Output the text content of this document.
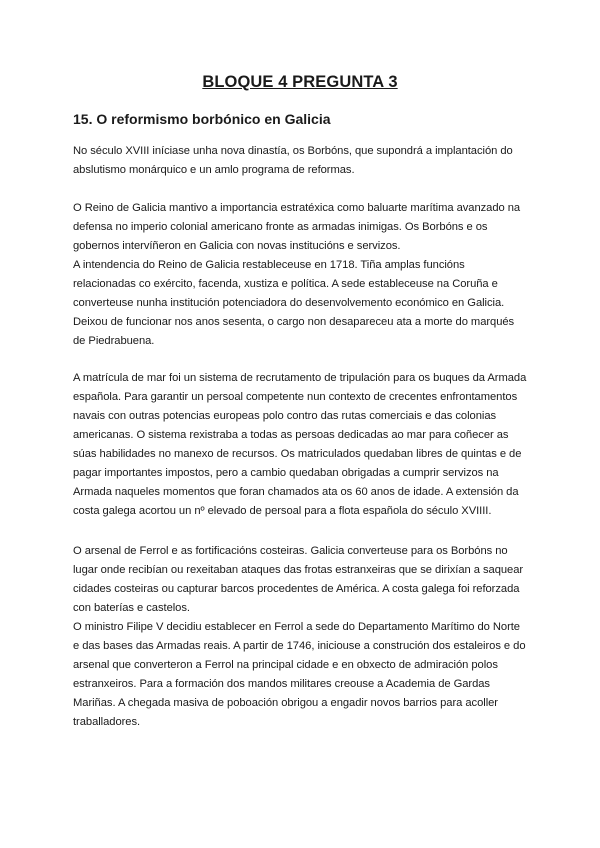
BLOQUE 4 PREGUNTA 3
15. O reformismo borbónico en Galicia

No século XVIII iníciase unha nova dinastía, os Borbóns, que supondrá a implantación do

abslutismo monárquico e un amlo programa de reformas.

O Reino de Galicia mantivo a importancia estratéxica como baluarte marítima avanzado na

defensa no imperio colonial americano fronte as armadas inimigas. Os Borbóns e os

gobernos intervíñeron en Galicia con novas institucións e servizos.

A intendencia do Reino de Galicia restableceuse en 1718. Tiña amplas funcións

relacionadas co exército, facenda, xustiza e política. A sede estableceuse na Coruña e

converteuse nunha institución potenciadora do desenvolvemento económico en Galicia.

Deixou de funcionar nos anos sesenta, o cargo non desapareceu ata a morte do marqués

de Piedrabuena.

A matrícula de mar foi un sistema de recrutamento de tripulación para os buques da Armada

española. Para garantir un persoal competente nun contexto de crecentes enfrontamentos

navais con outras potencias europeas polo contro das rutas comerciais e das colonias

americanas. O sistema rexistraba a todas as persoas dedicadas ao mar para coñecer as

súas habilidades no manexo de recursos. Os matriculados quedaban libres de quintas e de

pagar importantes impostos, pero a cambio quedaban obrigadas a cumprir servizos na

Armada naqueles momentos que foran chamados ata os 60 anos de idade. A extensión da

costa galega acortou un nº elevado de persoal para a flota española do século XVIIII.

O arsenal de Ferrol e as fortificacións costeiras. Galicia converteuse para os Borbóns no

lugar onde recibían ou rexeitaban ataques das frotas estranxeiras que se dirixían a saquear

cidades costeiras ou capturar barcos procedentes de América. A costa galega foi reforzada

con baterías e castelos.

O ministro Filipe V decidiu establecer en Ferrol a sede do Departamento Marítimo do Norte

e das bases das Armadas reais. A partir de 1746, iniciouse a construción dos estaleiros e do

arsenal que converteron a Ferrol na principal cidade e en obxecto de admiración polos

estranxeiros. Para a formación dos mandos militares creouse a Academia de Gardas

Mariñas. A chegada masiva de poboación obrigou a engadir novos barrios para acoller

traballadores.
